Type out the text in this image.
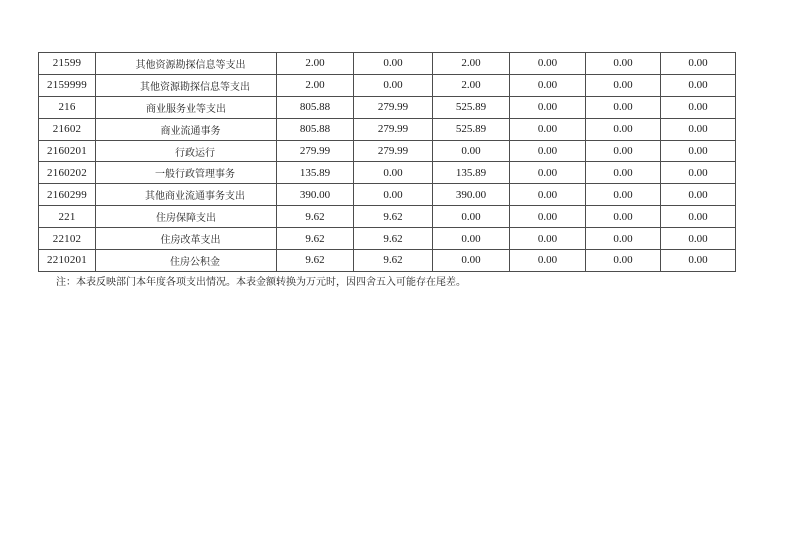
21599	其他资源勘探信息等支出	2.00	0.00	2.00	0.00	0.00	0.00
2159999	其他资源勘探信息等支出	2.00	0.00	2.00	0.00	0.00	0.00
216	商业服务业等支出	805.88	279.99	525.89	0.00	0.00	0.00
21602	商业流通事务	805.88	279.99	525.89	0.00	0.00	0.00
2160201	行政运行	279.99	279.99	0.00	0.00	0.00	0.00
2160202	一般行政管理事务	135.89	0.00	135.89	0.00	0.00	0.00
2160299	其他商业流通事务支出	390.00	0.00	390.00	0.00	0.00	0.00
221	住房保障支出	9.62	9.62	0.00	0.00	0.00	0.00
22102	住房改革支出	9.62	9.62	0.00	0.00	0.00	0.00
2210201	住房公积金	9.62	9.62	0.00	0.00	0.00	0.00
注：本表反映部门本年度各项支出情况。本表金额转换为万元时，因四舍五入可能存在尾差。
